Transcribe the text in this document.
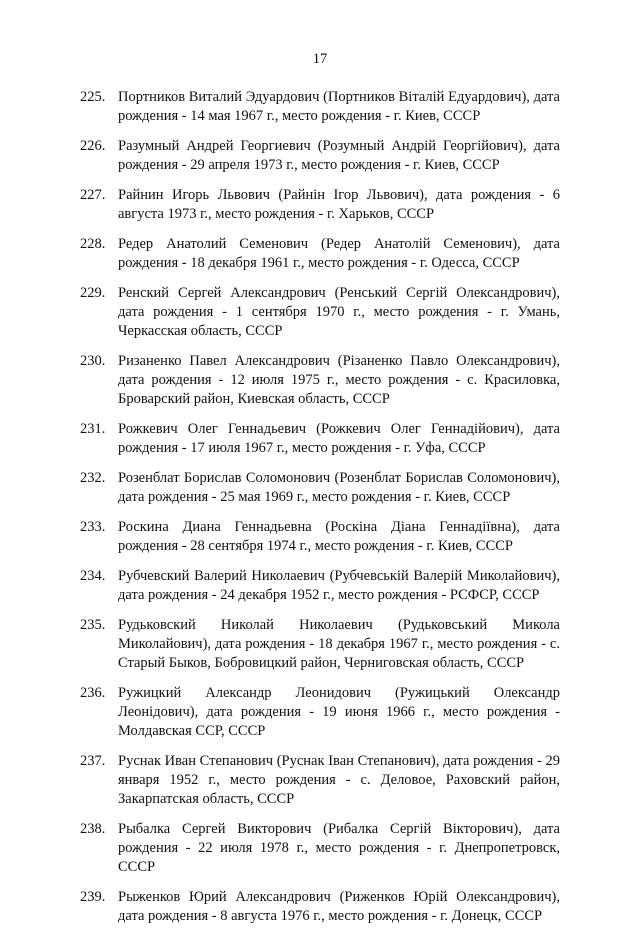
17
225. Портников Виталий Эдуардович (Портников Віталій Едуардович), дата рождения - 14 мая 1967 г., место рождения - г. Киев, СССР
226. Разумный Андрей Георгиевич (Розумный Андрій Георгійович), дата рождения - 29 апреля 1973 г., место рождения - г. Киев, СССР
227. Райнин Игорь Львович (Райнін Ігор Львович), дата рождения - 6 августа 1973 г., место рождения - г. Харьков, СССР
228. Редер Анатолий Семенович (Редер Анатолій Семенович), дата рождения - 18 декабря 1961 г., место рождения - г. Одесса, СССР
229. Ренский Сергей Александрович (Ренський Сергій Олександрович), дата рождения - 1 сентября 1970 г., место рождения - г. Умань, Черкасская область, СССР
230. Ризаненко Павел Александрович (Різаненко Павло Олександрович), дата рождения - 12 июля 1975 г., место рождения - с. Красиловка, Броварский район, Киевская область, СССР
231. Рожкевич Олег Геннадьевич (Рожкевич Олег Геннадійович), дата рождения - 17 июля 1967 г., место рождения - г. Уфа, СССР
232. Розенблат Борислав Соломонович (Розенблат Борислав Соломонович), дата рождения - 25 мая 1969 г., место рождения - г. Киев, СССР
233. Роскина Диана Геннадьевна (Роскіна Діана Геннадіївна), дата рождения - 28 сентября 1974 г., место рождения - г. Киев, СССР
234. Рубчевский Валерий Николаевич (Рубчевській Валерій Миколайович), дата рождения - 24 декабря 1952 г., место рождения - РСФСР, СССР
235. Рудьковский Николай Николаевич (Рудьковський Микола Миколайович), дата рождения - 18 декабря 1967 г., место рождения - с. Старый Быков, Бобровицкий район, Черниговская область, СССР
236. Ружицкий Александр Леонидович (Ружицький Олександр Леонідович), дата рождения - 19 июня 1966 г., место рождения - Молдавская ССР, СССР
237. Руснак Иван Степанович (Руснак Іван Степанович), дата рождения - 29 января 1952 г., место рождения - с. Деловое, Раховский район, Закарпатская область, СССР
238. Рыбалка Сергей Викторович (Рибалка Сергій Вікторович), дата рождения - 22 июля 1978 г., место рождения - г. Днепропетровск, СССР
239. Рыженков Юрий Александрович (Риженков Юрій Олександрович), дата рождения - 8 августа 1976 г., место рождения - г. Донецк, СССР
